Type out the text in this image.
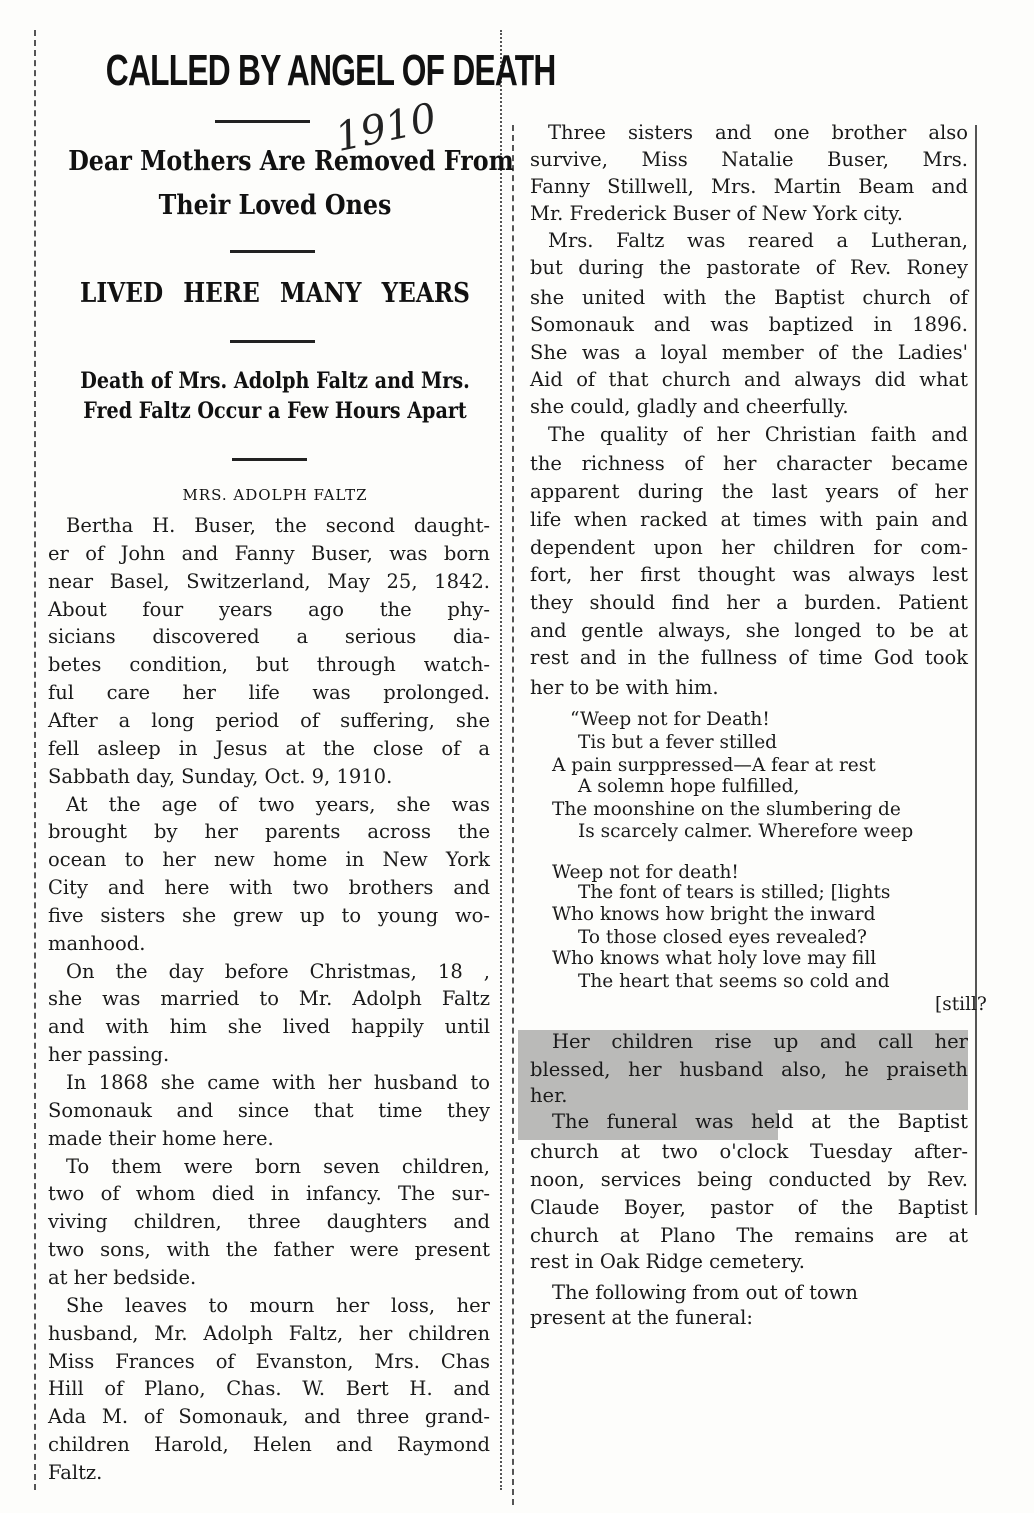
CALLED BY ANGEL OF DEATH
1910
Dear Mothers Are Removed From
Their Loved Ones
LIVED HERE MANY YEARS
Death of Mrs. Adolph Faltz and Mrs.
Fred Faltz Occur a Few Hours Apart
MRS. ADOLPH FALTZ
Bertha H. Buser, the second daught-
er of John and Fanny Buser, was born
near Basel, Switzerland, May 25, 1842.
About four years ago the phy-
sicians discovered a serious dia-
betes condition, but through watch-
ful care her life was prolonged.
After a long period of suffering, she
fell asleep in Jesus at the close of a
Sabbath day, Sunday, Oct. 9, 1910.
At the age of two years, she was
brought by her parents across the
ocean to her new home in New York
City and here with two brothers and
five sisters she grew up to young wo-
manhood.
On the day before Christmas, 18 ,
she was married to Mr. Adolph Faltz
and with him she lived happily until
her passing.
In 1868 she came with her husband to
Somonauk and since that time they
made their home here.
To them were born seven children,
two of whom died in infancy. The sur-
viving children, three daughters and
two sons, with the father were present
at her bedside.
She leaves to mourn her loss, her
husband, Mr. Adolph Faltz, her children
Miss Frances of Evanston, Mrs. Chas
Hill of Plano, Chas. W. Bert H. and
Ada M. of Somonauk, and three grand-
children Harold, Helen and Raymond
Faltz.
Three sisters and one brother also
survive, Miss Natalie Buser, Mrs.
Fanny Stillwell, Mrs. Martin Beam and
Mr. Frederick Buser of New York city.
Mrs. Faltz was reared a Lutheran,
but during the pastorate of Rev. Roney
she united with the Baptist church of
Somonauk and was baptized in 1896.
She was a loyal member of the Ladies'
Aid of that church and always did what
she could, gladly and cheerfully.
The quality of her Christian faith and
the richness of her character became
apparent during the last years of her
life when racked at times with pain and
dependent upon her children for com-
fort, her first thought was always lest
they should find her a burden. Patient
and gentle always, she longed to be at
rest and in the fullness of time God took
her to be with him.
“Weep not for Death!
Tis but a fever stilled
A pain surppressed—A fear at rest
A solemn hope fulfilled,
The moonshine on the slumbering de
Is scarcely calmer. Wherefore weep
Weep not for death!
The font of tears is stilled; [lights
Who knows how bright the inward
To those closed eyes revealed?
Who knows what holy love may fill
The heart that seems so cold and
[still?
Her children rise up and call her
blessed, her husband also, he praiseth
her.
The funeral was held at the Baptist
church at two o'clock Tuesday after-
noon, services being conducted by Rev.
Claude Boyer, pastor of the Baptist
church at Plano The remains are at
rest in Oak Ridge cemetery.
The following from out of town
present at the funeral:
